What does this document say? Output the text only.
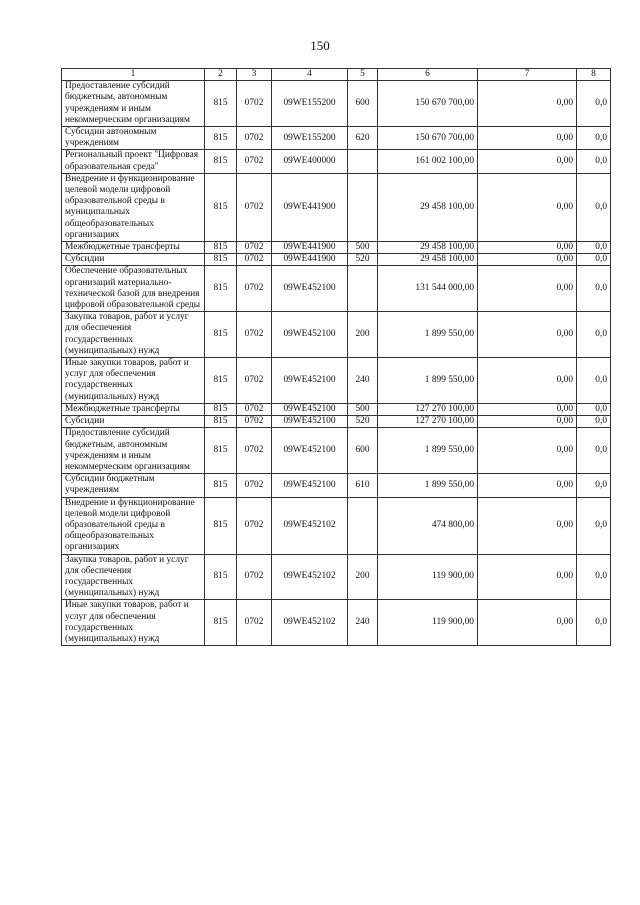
150
1	2	3	4	5	6	7	8
Предоставление субсидий бюджетным, автономным учреждениям и иным некоммерческим организациям	815	0702	09WE155200	600	150 670 700,00	0,00	0,0
Субсидии автономным учреждениям	815	0702	09WE155200	620	150 670 700,00	0,00	0,0
Региональный проект "Цифровая образовательная среда"	815	0702	09WE400000		161 002 100,00	0,00	0,0
Внедрение и функционирование целевой модели цифровой образовательной среды в муниципальных общеобразовательных организациях	815	0702	09WE441900		29 458 100,00	0,00	0,0
Межбюджетные трансферты	815	0702	09WE441900	500	29 458 100,00	0,00	0,0
Субсидии	815	0702	09WE441900	520	29 458 100,00	0,00	0,0
Обеспечение образовательных организаций материально-технической базой для внедрения цифровой образовательной среды	815	0702	09WE452100		131 544 000,00	0,00	0,0
Закупка товаров, работ и услуг для обеспечения государственных (муниципальных) нужд	815	0702	09WE452100	200	1 899 550,00	0,00	0,0
Иные закупки товаров, работ и услуг для обеспечения государственных (муниципальных) нужд	815	0702	09WE452100	240	1 899 550,00	0,00	0,0
Межбюджетные трансферты	815	0702	09WE452100	500	127 270 100,00	0,00	0,0
Субсидии	815	0702	09WE452100	520	127 270 100,00	0,00	0,0
Предоставление субсидий бюджетным, автономным учреждениям и иным некоммерческим организациям	815	0702	09WE452100	600	1 899 550,00	0,00	0,0
Субсидии бюджетным учреждениям	815	0702	09WE452100	610	1 899 550,00	0,00	0,0
Внедрение и функционирование целевой модели цифровой образовательной среды в общеобразовательных организациях	815	0702	09WE452102		474 800,00	0,00	0,0
Закупка товаров, работ и услуг для обеспечения государственных (муниципальных) нужд	815	0702	09WE452102	200	119 900,00	0,00	0,0
Иные закупки товаров, работ и услуг для обеспечения государственных (муниципальных) нужд	815	0702	09WE452102	240	119 900,00	0,00	0,0
